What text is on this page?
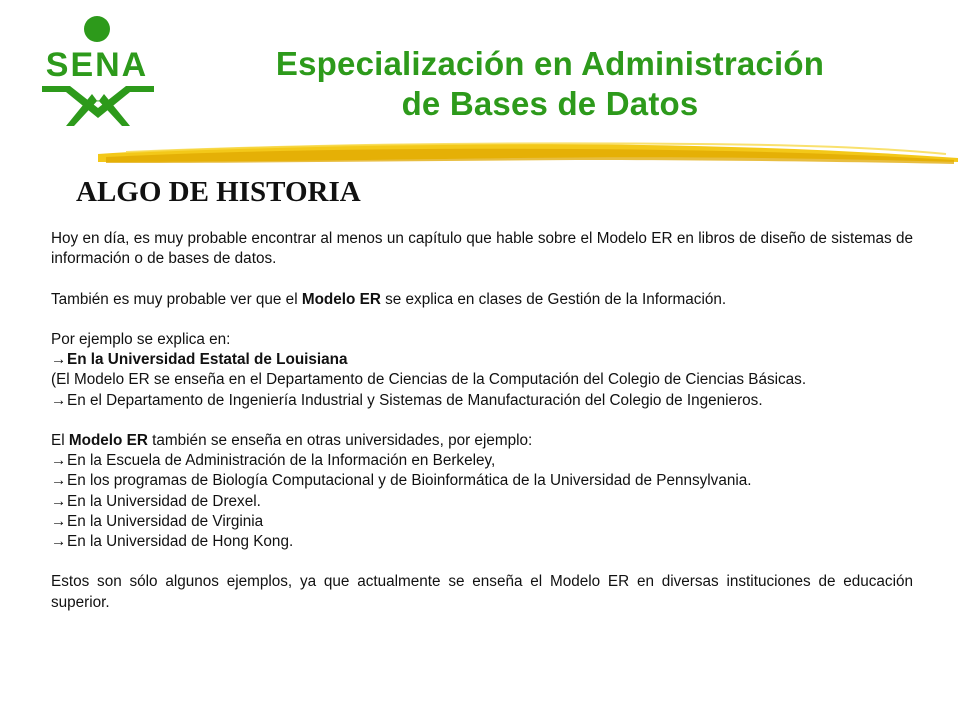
SENA	Especialización en Administración
de Bases de Datos
ALGO DE HISTORIA

Hoy en día, es muy probable encontrar al menos un capítulo que hable sobre el Modelo ER en libros de diseño de sistemas de información o de bases de datos.

También es muy probable ver que el Modelo ER se explica en clases de Gestión de la Información.

Por ejemplo se explica en:

→En la Universidad Estatal de Louisiana

(El Modelo ER se enseña en el Departamento de Ciencias de la Computación del Colegio de Ciencias Básicas.

→En el Departamento de Ingeniería Industrial y Sistemas de Manufacturación del Colegio de Ingenieros.

El Modelo ER también se enseña en otras universidades, por ejemplo:

→En la Escuela de Administración de la Información en Berkeley,

→En los programas de Biología Computacional y de Bioinformática de la Universidad de Pennsylvania.

→En la Universidad de Drexel.

→En la Universidad de Virginia

→En la Universidad de Hong Kong.

Estos son sólo algunos ejemplos, ya que actualmente se enseña el Modelo ER en diversas instituciones de educación superior.
